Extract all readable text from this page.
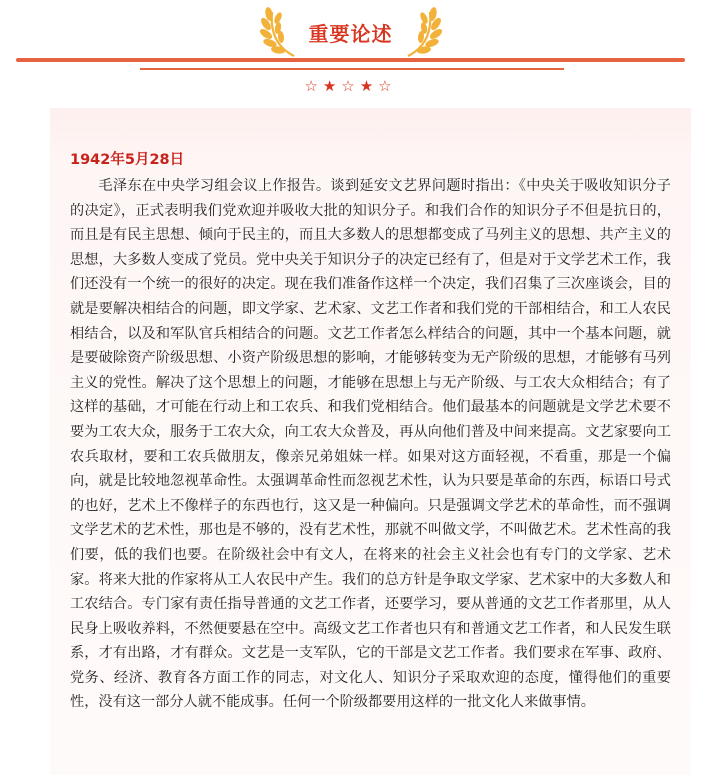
重要论述
☆★☆★☆
1942年5月28日

毛泽东在中央学习组会议上作报告。谈到延安文艺界问题时指出：《中央关于吸收知识分子的决定》，正式表明我们党欢迎并吸收大批的知识分子。和我们合作的知识分子不但是抗日的，而且是有民主思想、倾向于民主的，而且大多数人的思想都变成了马列主义的思想、共产主义的思想，大多数人变成了党员。党中央关于知识分子的决定已经有了，但是对于文学艺术工作，我们还没有一个统一的很好的决定。现在我们准备作这样一个决定，我们召集了三次座谈会，目的就是要解决相结合的问题，即文学家、艺术家、文艺工作者和我们党的干部相结合，和工人农民相结合，以及和军队官兵相结合的问题。文艺工作者怎么样结合的问题，其中一个基本问题，就是要破除资产阶级思想、小资产阶级思想的影响，才能够转变为无产阶级的思想，才能够有马列主义的党性。解决了这个思想上的问题，才能够在思想上与无产阶级、与工农大众相结合；有了这样的基础，才可能在行动上和工农兵、和我们党相结合。他们最基本的问题就是文学艺术要不要为工农大众，服务于工农大众，向工农大众普及，再从向他们普及中间来提高。文艺家要向工农兵取材，要和工农兵做朋友，像亲兄弟姐妹一样。如果对这方面轻视，不看重，那是一个偏向，就是比较地忽视革命性。太强调革命性而忽视艺术性，认为只要是革命的东西，标语口号式的也好，艺术上不像样子的东西也行，这又是一种偏向。只是强调文学艺术的革命性，而不强调文学艺术的艺术性，那也是不够的，没有艺术性，那就不叫做文学，不叫做艺术。艺术性高的我们要，低的我们也要。在阶级社会中有文人，在将来的社会主义社会也有专门的文学家、艺术家。将来大批的作家将从工人农民中产生。我们的总方针是争取文学家、艺术家中的大多数人和工农结合。专门家有责任指导普通的文艺工作者，还要学习，要从普通的文艺工作者那里，从人民身上吸收养料，不然便要悬在空中。高级文艺工作者也只有和普通文艺工作者，和人民发生联系，才有出路，才有群众。文艺是一支军队，它的干部是文艺工作者。我们要求在军事、政府、党务、经济、教育各方面工作的同志，对文化人、知识分子采取欢迎的态度，懂得他们的重要性，没有这一部分人就不能成事。任何一个阶级都要用这样的一批文化人来做事情。
